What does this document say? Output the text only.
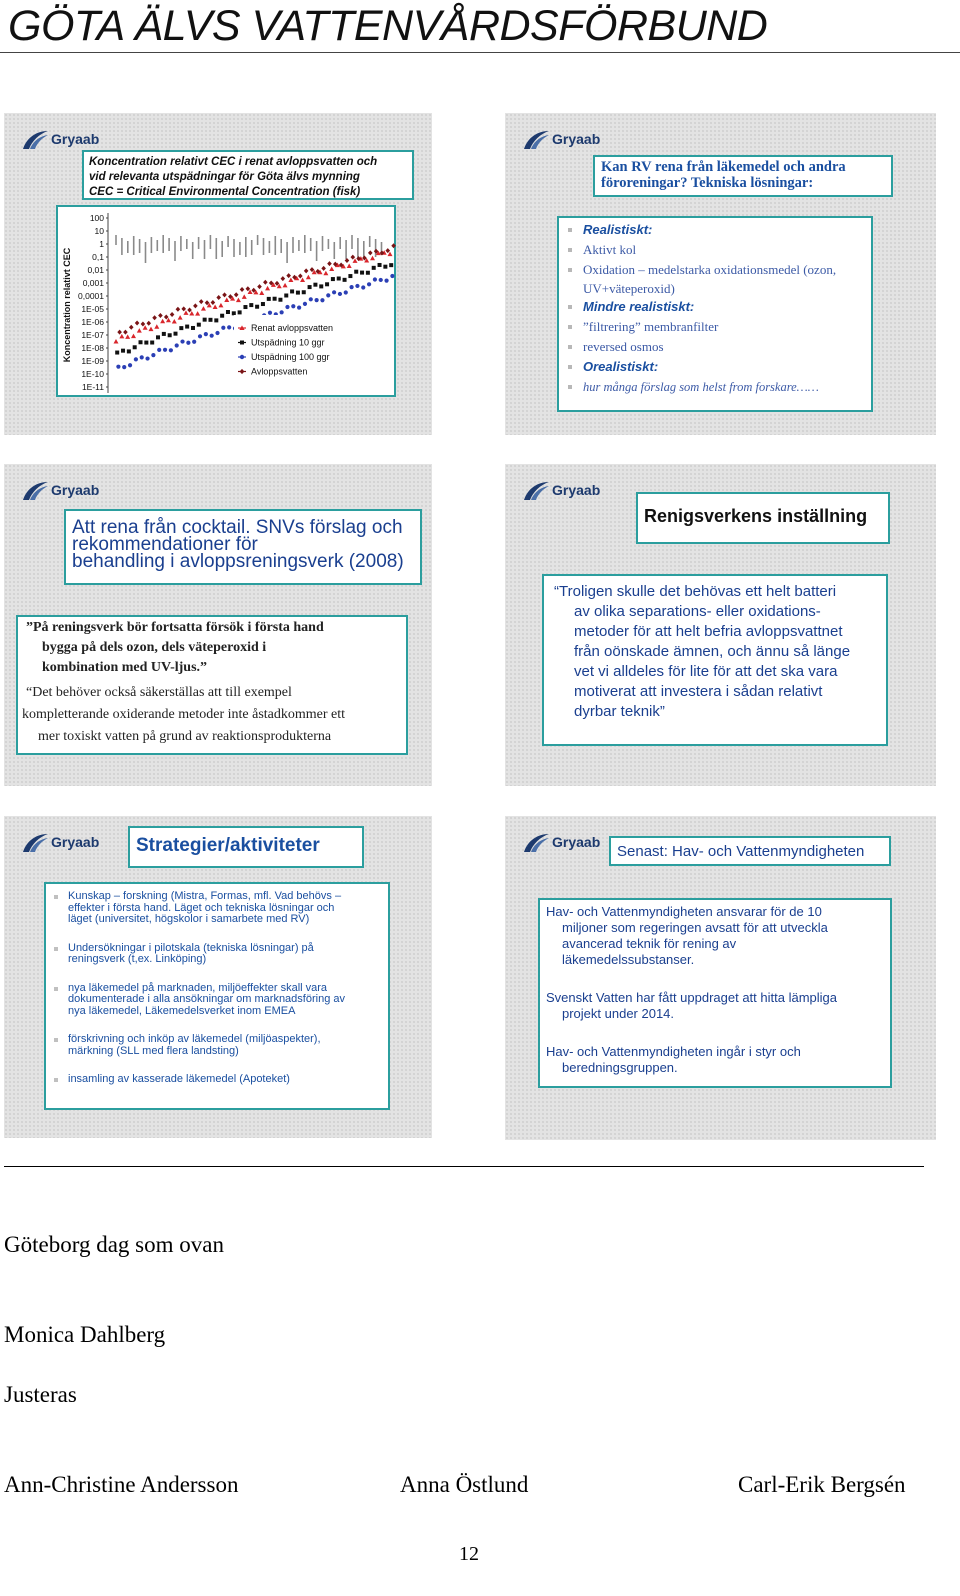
GÖTA ÄLVS VATTENVÅRDSFÖRBUND
Gryaab
Koncentration relativt CEC i renat avloppsvatten och
vid relevanta utspädningar för Göta älvs mynning
CEC = Critical Environmental Concentration (fisk)
Koncentration relativt CEC
100
10
1
0,1
0,01
0,001
0,0001
1E-05
1E-06
1E-07
1E-08
1E-09
1E-10
1E-11
Renat avloppsvatten
Utspädning 10 ggr
Utspädning 100 ggr
Avloppsvatten
Gryaab
Kan RV rena från läkemedel och andra
föroreningar? Tekniska lösningar:
Realistiskt:
Aktivt kol
Oxidation – medelstarka oxidationsmedel (ozon,
UV+väteperoxid)
Mindre realistiskt:
”filtrering” membranfilter
reversed osmos
Orealistiskt:
hur många förslag som helst from forskare……
Gryaab
Att rena från cocktail. SNVs förslag och
rekommendationer för
behandling i avloppsreningsverk (2008)
”På reningsverk bör fortsatta försök i första hand
bygga på dels ozon, dels väteperoxid i
kombination med UV-ljus.”
“Det behöver också säkerställas att till exempel
kompletterande oxiderande metoder inte åstadkommer ett
mer toxiskt vatten på grund av reaktionsprodukterna
Gryaab
Renigsverkens inställning
“Troligen skulle det behövas ett helt batteri
av olika separations- eller oxidations-
metoder för att helt befria avloppsvattnet
från oönskade ämnen, och ännu så länge
vet vi alldeles för lite för att det ska vara
motiverat att investera i sådan relativt
dyrbar teknik”
Gryaab	Strategier/aktiviteter
Kunskap – forskning (Mistra, Formas, mfl. Vad behövs –
effekter i första hand. Läget och tekniska lösningar och
läget (universitet, högskolor i samarbete med RV)
Undersökningar i pilotskala (tekniska lösningar) på
reningsverk (t,ex. Linköping)
nya läkemedel på marknaden, miljöeffekter skall vara
dokumenterade i alla ansökningar om marknadsföring av
nya läkemedel, Läkemedelsverket inom EMEA
förskrivning och inköp av läkemedel (miljöaspekter),
märkning (SLL med flera landsting)
insamling av kasserade läkemedel (Apoteket)
Gryaab
Senast: Hav- och Vattenmyndigheten
Hav- och Vattenmyndigheten ansvarar för de 10
miljoner som regeringen avsatt för att utveckla
avancerad teknik för rening av
läkemedelssubstanser.
Svenskt Vatten har fått uppdraget att hitta lämpliga
projekt under 2014.
Hav- och Vattenmyndigheten ingår i styr och
beredningsgruppen.
Göteborg dag som ovan
Monica Dahlberg
Justeras
Ann-Christine Andersson	Anna Östlund	Carl-Erik Bergsén
12
